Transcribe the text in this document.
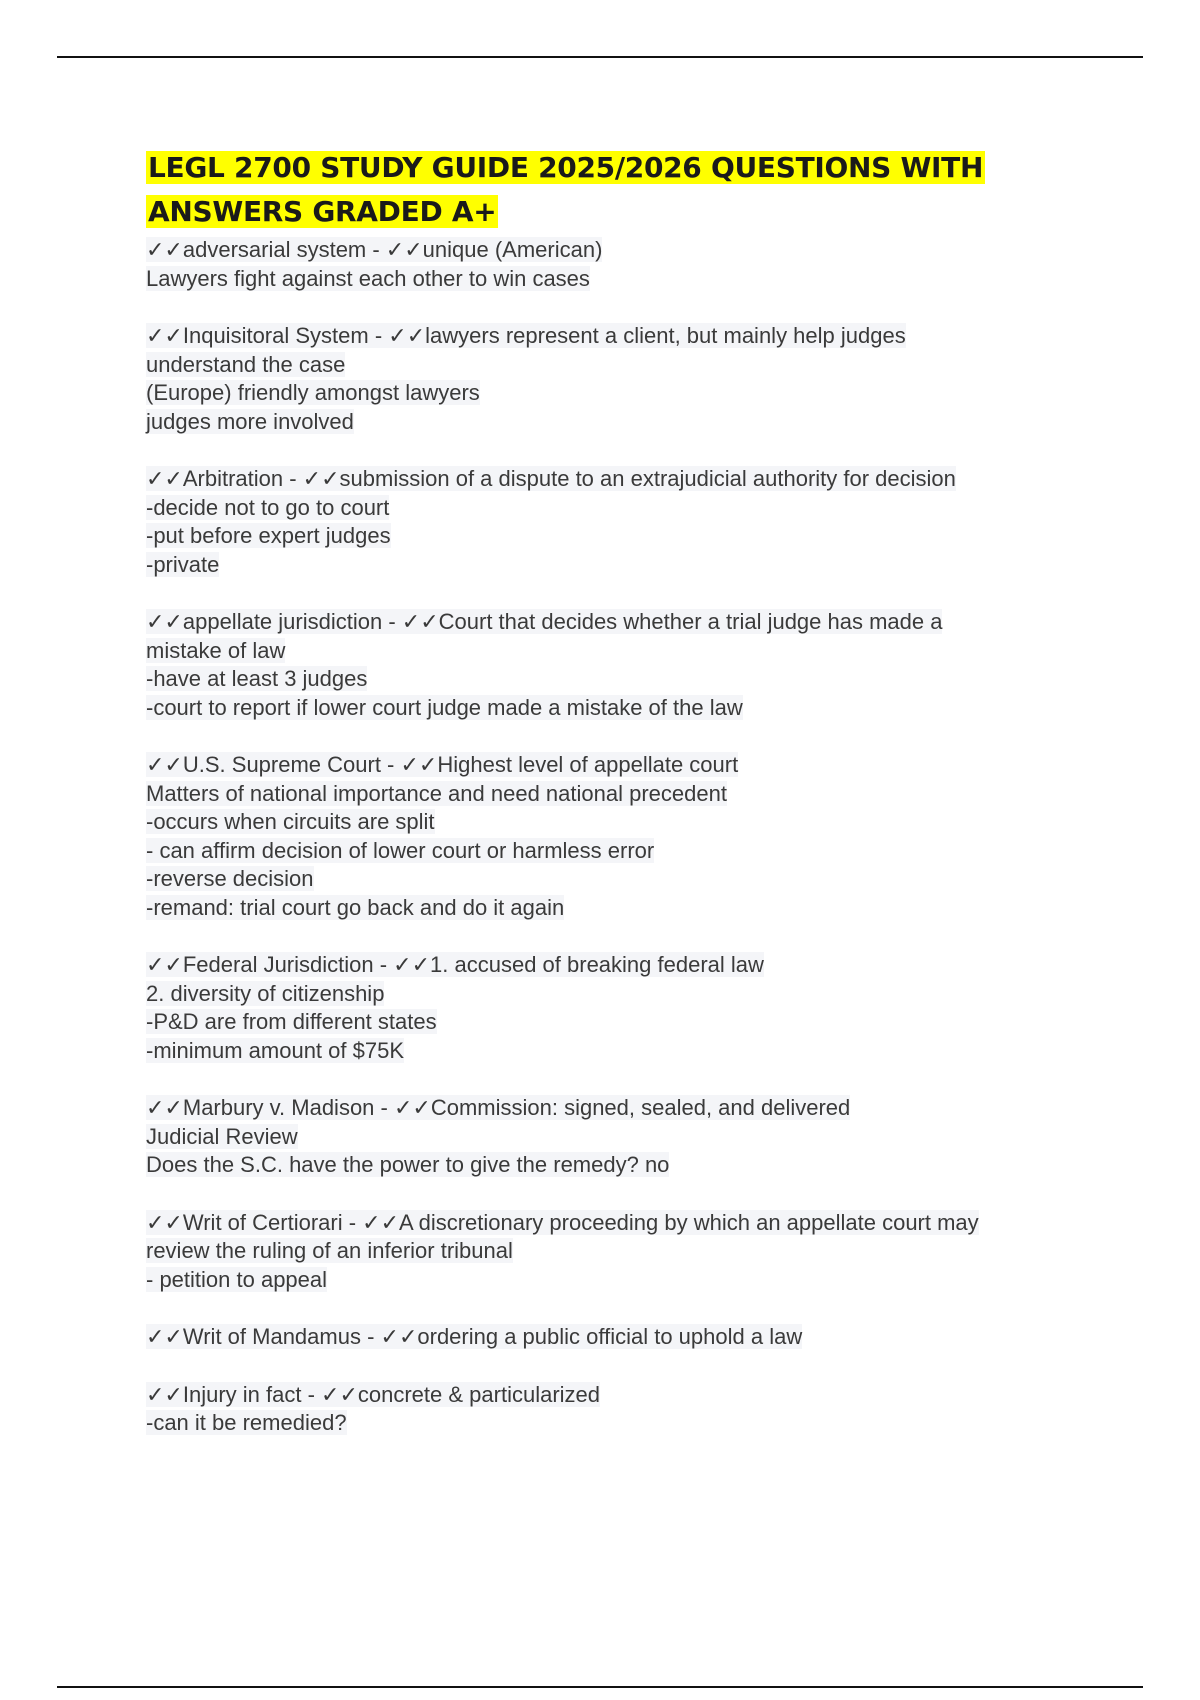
LEGL 2700 STUDY GUIDE 2025/2026 QUESTIONS WITH ANSWERS GRADED A+
✓✓adversarial system - ✓✓unique (American)
Lawyers fight against each other to win cases
✓✓Inquisitoral System - ✓✓lawyers represent a client, but mainly help judges
understand the case
(Europe) friendly amongst lawyers
judges more involved
✓✓Arbitration - ✓✓submission of a dispute to an extrajudicial authority for decision
-decide not to go to court
-put before expert judges
-private
✓✓appellate jurisdiction - ✓✓Court that decides whether a trial judge has made a
mistake of law
-have at least 3 judges
-court to report if lower court judge made a mistake of the law
✓✓U.S. Supreme Court - ✓✓Highest level of appellate court
Matters of national importance and need national precedent
-occurs when circuits are split
- can affirm decision of lower court or harmless error
-reverse decision
-remand: trial court go back and do it again
✓✓Federal Jurisdiction - ✓✓1. accused of breaking federal law
2. diversity of citizenship
-P&D are from different states
-minimum amount of $75K
✓✓Marbury v. Madison - ✓✓Commission: signed, sealed, and delivered
Judicial Review
Does the S.C. have the power to give the remedy? no
✓✓Writ of Certiorari - ✓✓A discretionary proceeding by which an appellate court may
review the ruling of an inferior tribunal
- petition to appeal
✓✓Writ of Mandamus - ✓✓ordering a public official to uphold a law
✓✓Injury in fact - ✓✓concrete & particularized
-can it be remedied?
